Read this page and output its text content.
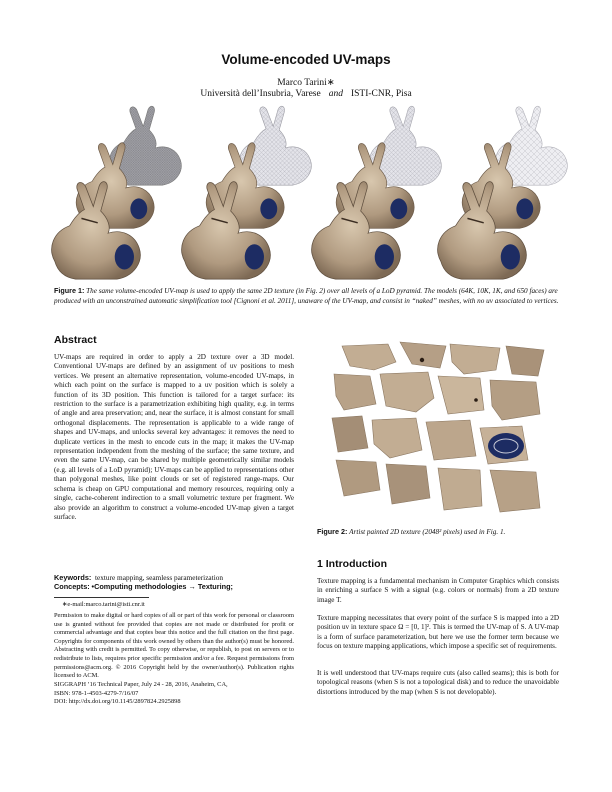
Volume-encoded UV-maps
Marco Tarini∗
Università dell’Insubria, Varese and ISTI-CNR, Pisa
Figure 1: The same volume-encoded UV-map is used to apply the same 2D texture (in Fig. 2) over all levels of a LoD pyramid. The models (64K, 10K, 1K, and 650 faces) are produced with an unconstrained automatic simplification tool [Cignoni et al. 2011], unaware of the UV-map, and consist in “naked” meshes, with no uv associated to vertices.
Abstract

UV-maps are required in order to apply a 2D texture over a 3D model. Conventional UV-maps are defined by an assignment of uv positions to mesh vertices. We present an alternative representation, volume-encoded UV-maps, in which each point on the surface is mapped to a uv position which is solely a function of its 3D position. This function is tailored for a target surface: its restriction to the surface is a parametrization exhibiting high quality, e.g. in terms of angle and area preservation; and, near the surface, it is almost constant for small orthogonal displacements. The representation is applicable to a wide range of shapes and UV-maps, and unlocks several key advantages: it removes the need to duplicate vertices in the mesh to encode cuts in the map; it makes the UV-map representation independent from the meshing of the surface; the same texture, and even the same UV-map, can be shared by multiple geometrically similar models (e.g. all levels of a LoD pyramid); UV-maps can be applied to representations other than polygonal meshes, like point clouds or set of registered range-maps. Our schema is cheap on GPU computational and memory resources, requiring only a single, cache-coherent indirection to a small volumetric texture per fragment. We also provide an algorithm to construct a volume-encoded UV-map given a target surface.

Keywords: texture mapping, seamless parameterization
Concepts: •Computing methodologies → Texturing;

∗e-mail:marco.tarini@isti.cnr.it

Permission to make digital or hard copies of all or part of this work for personal or classroom use is granted without fee provided that copies are not made or distributed for profit or commercial advantage and that copies bear this notice and the full citation on the first page. Copyrights for components of this work owned by others than the author(s) must be honored. Abstracting with credit is permitted. To copy otherwise, or republish, to post on servers or to redistribute to lists, requires prior specific permission and/or a fee. Request permissions from permissions@acm.org. © 2016 Copyright held by the owner/author(s). Publication rights licensed to ACM.

SIGGRAPH ’16 Technical Paper, July 24 - 28, 2016, Anaheim, CA,

ISBN: 978-1-4503-4279-7/16/07

DOI: http://dx.doi.org/10.1145/2897824.2925898

Figure 2: Artist painted 2D texture (2048² pixels) used in Fig. 1.
1 Introduction

Texture mapping is a fundamental mechanism in Computer Graphics which consists in enriching a surface S with a signal (e.g. colors or normals) from a 2D texture image T.

Texture mapping necessitates that every point of the surface S is mapped into a 2D position uv in texture space Ω = [0, 1]². This is termed the UV-map of S. A UV-map is a form of surface parameterization, but here we use the former term because we focus on texture mapping applications, which impose a specific set of requirements.

It is well understood that UV-maps require cuts (also called seams); this is both for topological reasons (when S is not a topological disk) and to reduce the unavoidable distortions introduced by the map (when S is not developable).
